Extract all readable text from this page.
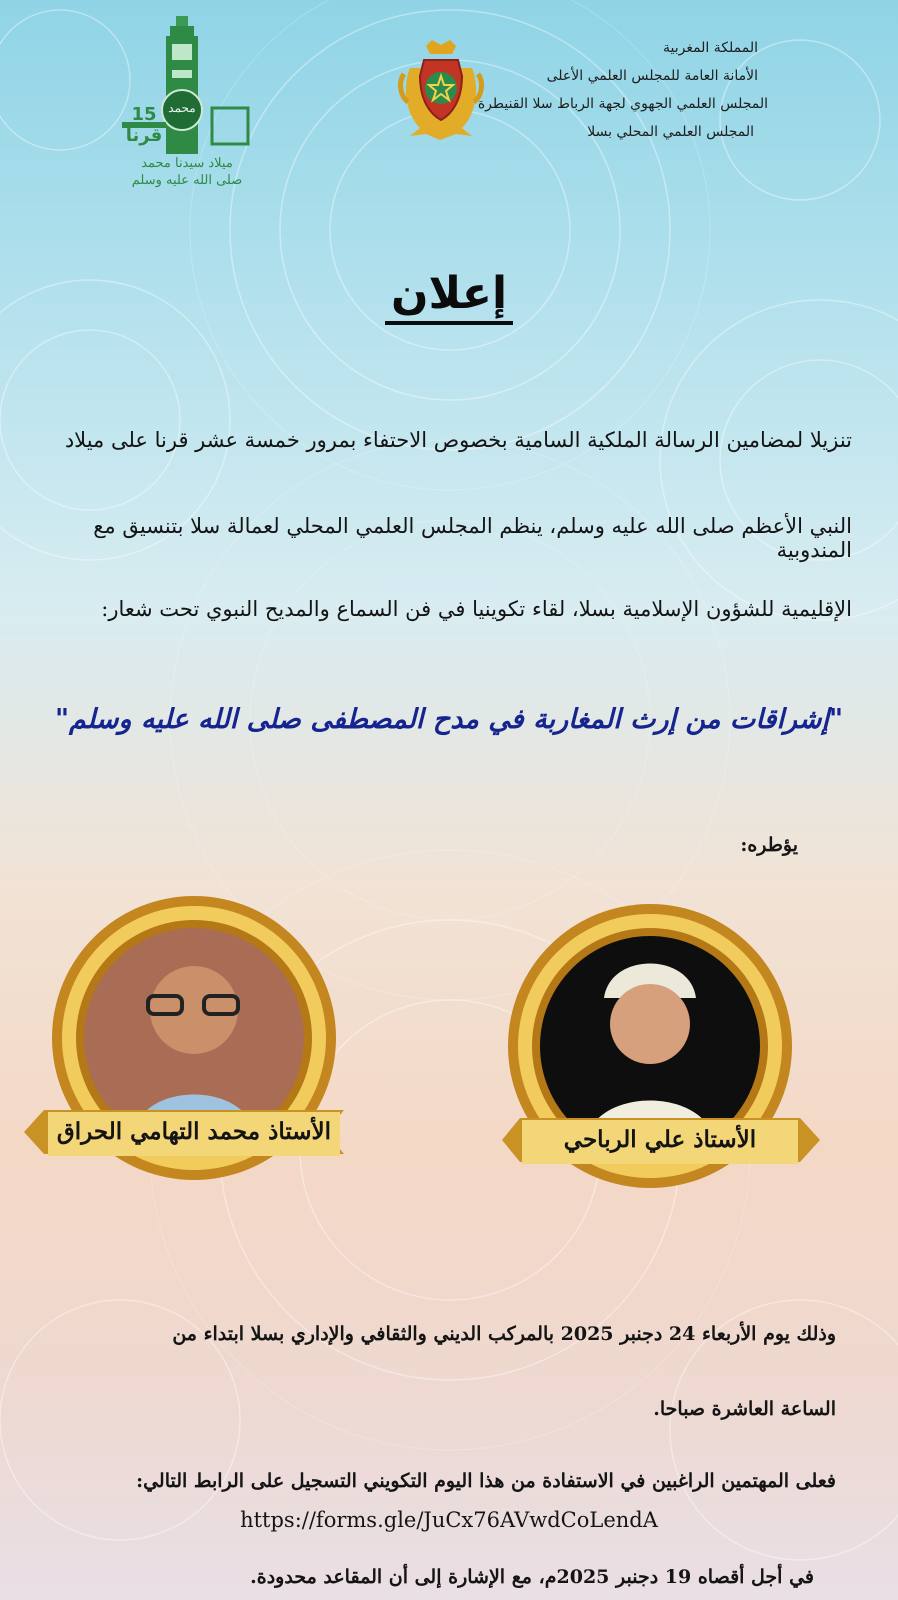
15 قرنا
محمد
ميلاد سيدنا محمد
صلى الله عليه وسلم
المملكة المغربية
الأمانة العامة للمجلس العلمي الأعلى
المجلس العلمي الجهوي لجهة الرباط سلا القنيطرة
المجلس العلمي المحلي بسلا
إعلان
تنزيلا لمضامين الرسالة الملكية السامية بخصوص الاحتفاء بمرور خمسة عشر قرنا على ميلاد
النبي الأعظم صلى الله عليه وسلم، ينظم المجلس العلمي المحلي لعمالة سلا بتنسيق مع المندوبية
الإقليمية للشؤون الإسلامية بسلا، لقاء تكوينيا في فن السماع والمديح النبوي تحت شعار:
"إشراقات من إرث المغاربة في مدح المصطفى صلى الله عليه وسلم"
يؤطره:
الأستاذ محمد التهامي الحراق	الأستاذ علي الرباحي
وذلك يوم الأربعاء 24 دجنبر 2025 بالمركب الديني والثقافي والإداري بسلا ابتداء من
الساعة العاشرة صباحا.
فعلى المهتمين الراغبين في الاستفادة من هذا اليوم التكويني التسجيل على الرابط التالي:
https://forms.gle/JuCx76AVwdCoLendA
في أجل أقصاه 19 دجنبر 2025م، مع الإشارة إلى أن المقاعد محدودة.
